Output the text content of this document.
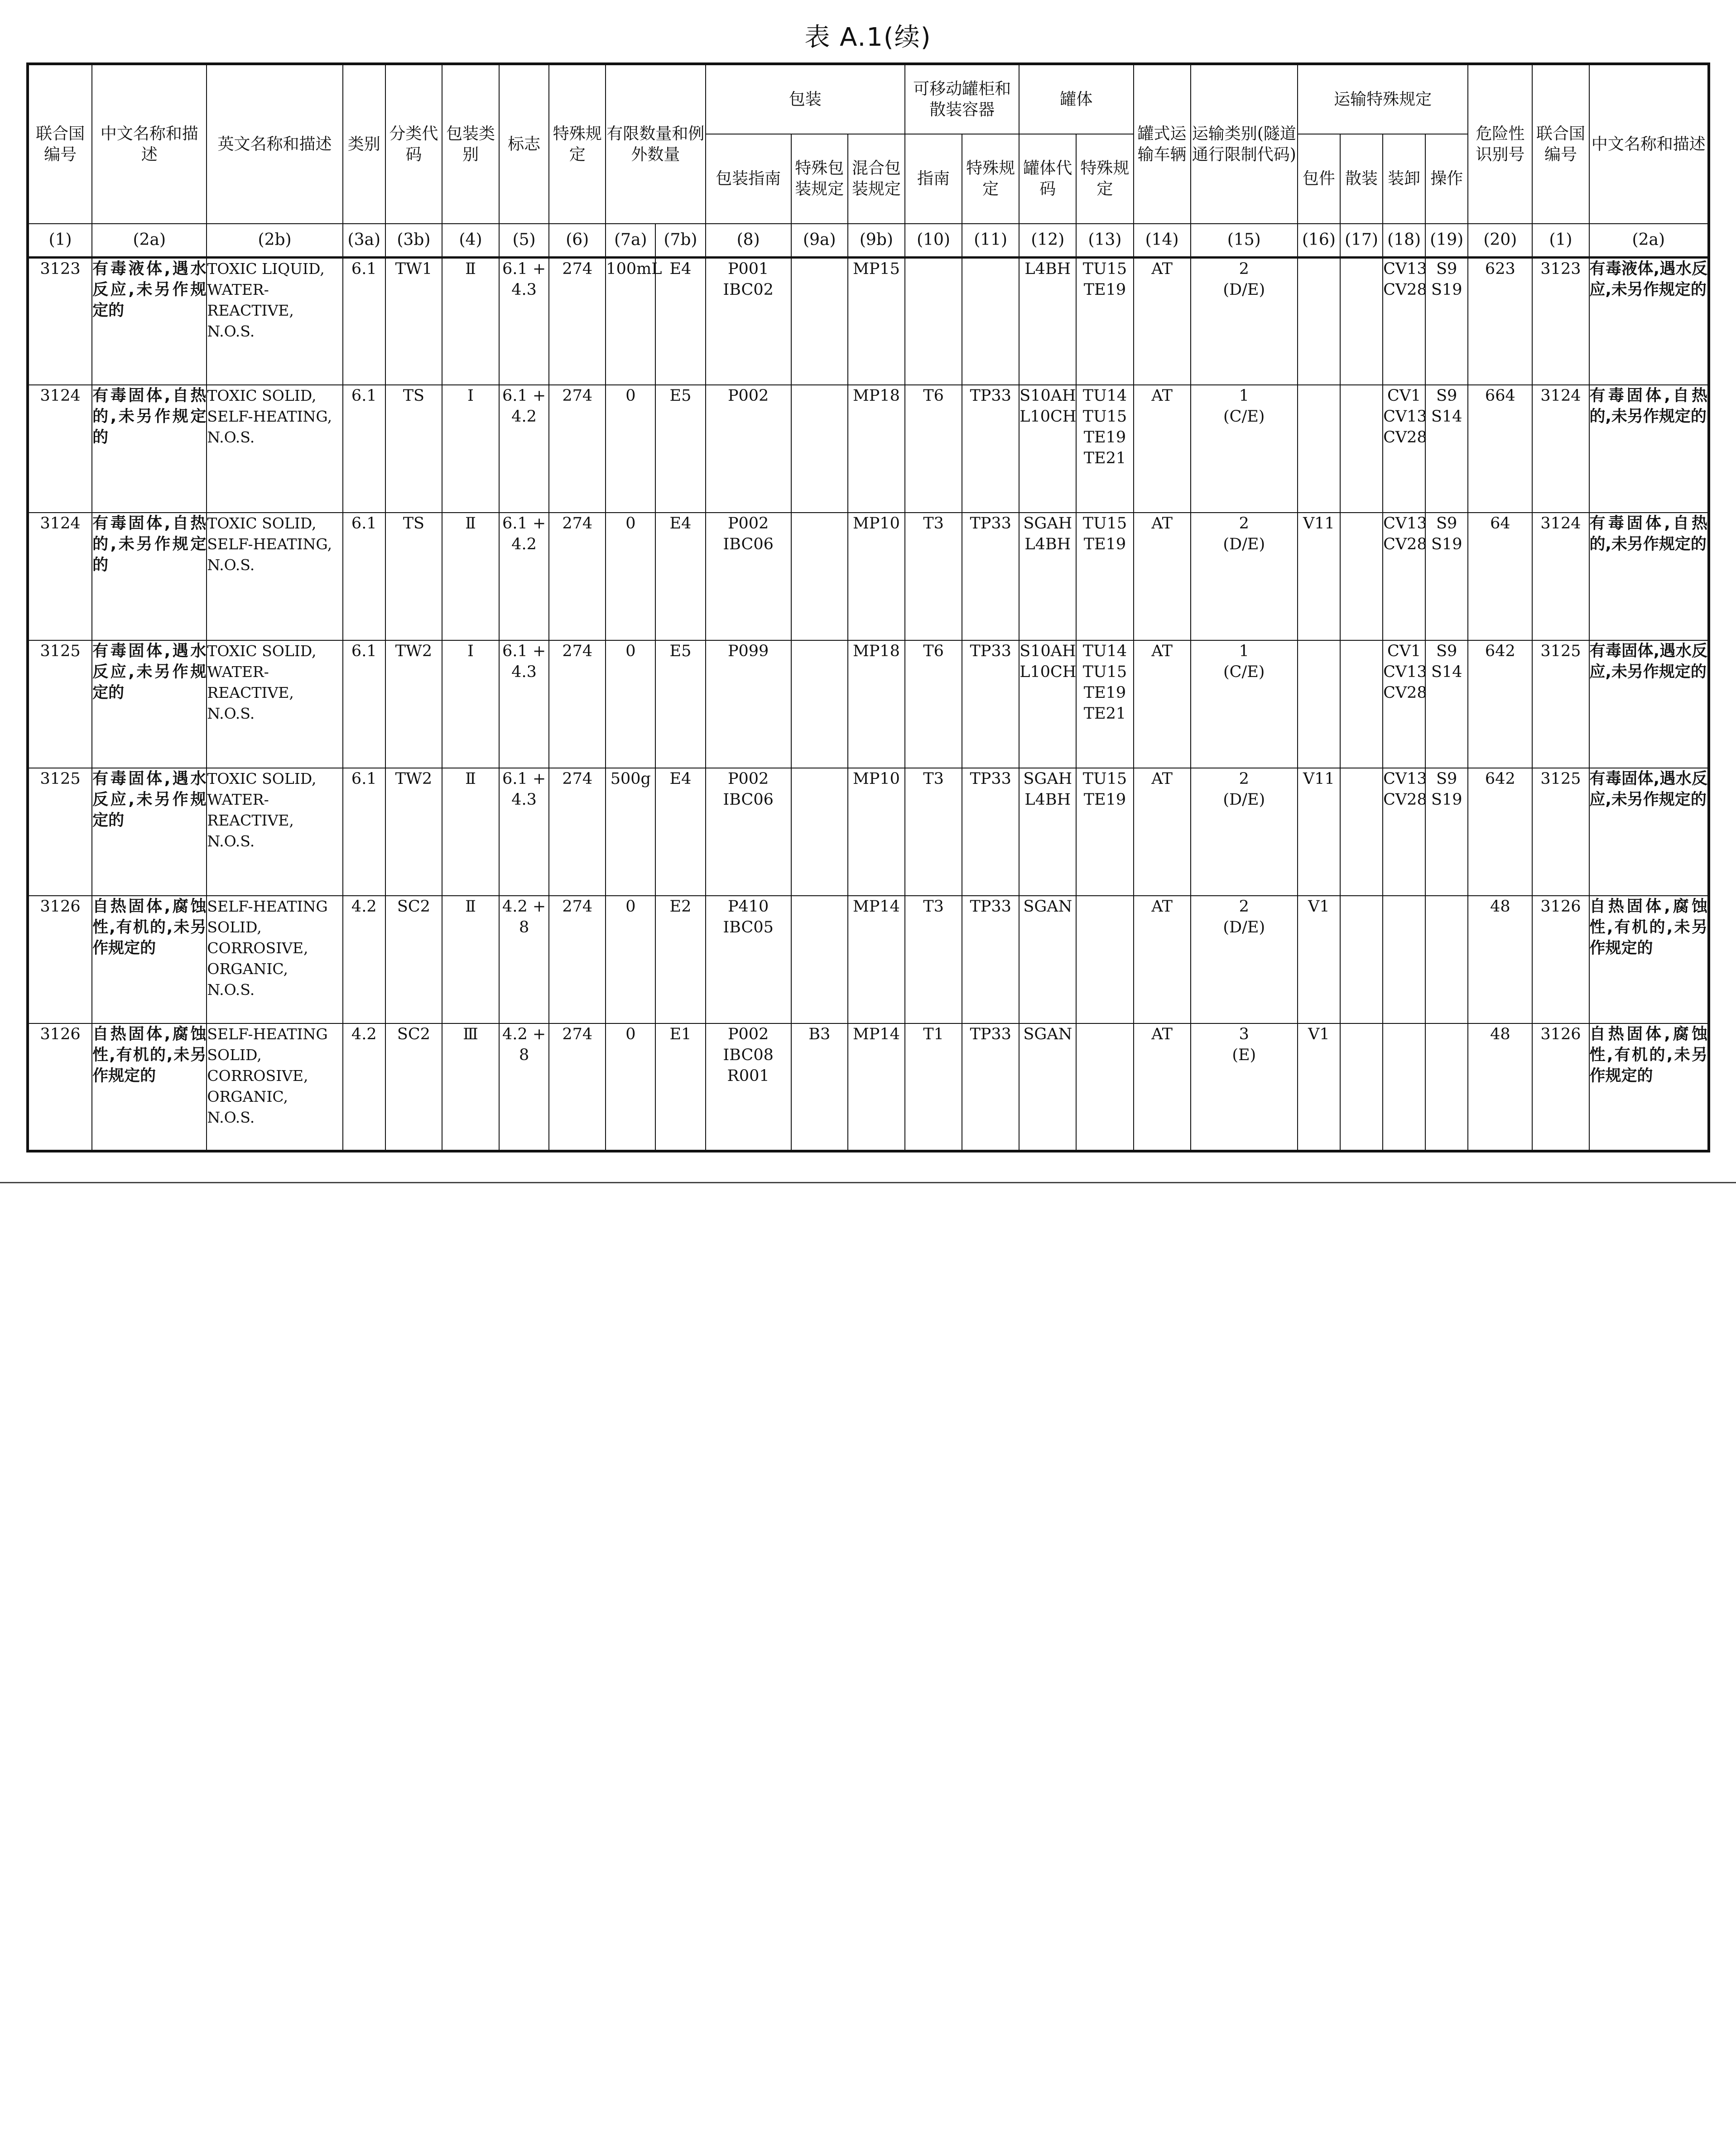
表 A.1(续)
联合国编号	中文名称和描述	英文名称和描述	类别	分类代码	包装类别	标志	特殊规定	有限数量和例外数量		包装			可移动罐柜和散装容器		罐体		罐式运输车辆	运输类别(隧道通行限制代码)	运输特殊规定				危险性识别号	联合国编号	中文名称和描述
										包装指南	特殊包装规定	混合包装规定	指南	特殊规定	罐体代码	特殊规定			包件	散装	装卸	操作			
(1)	(2a)	(2b)	(3a)	(3b)	(4)	(5)	(6)	(7a)	(7b)	(8)	(9a)	(9b)	(10)	(11)	(12)	(13)	(14)	(15)	(16)	(17)	(18)	(19)	(20)	(1)	(2a)
3123	有毒液体,遇水反应,未另作规定的	TOXIC LIQUID,
WATER-
REACTIVE,
N.O.S.	6.1	TW1	Ⅱ	6.1 +
4.3	274	100mL	E4	P001
IBC02		MP15			L4BH	TU15
TE19	AT	2
(D/E)			CV13
CV28	S9
S19	623	3123	有毒液体,遇水反应,未另作规定的
3124	有毒固体,自热的,未另作规定的	TOXIC SOLID,
SELF-HEATING,
N.O.S.	6.1	TS	Ⅰ	6.1 +
4.2	274	0	E5	P002		MP18	T6	TP33	S10AH
L10CH	TU14
TU15
TE19
TE21	AT	1
(C/E)			CV1
CV13
CV28	S9
S14	664	3124	有毒固体,自热的,未另作规定的
3124	有毒固体,自热的,未另作规定的	TOXIC SOLID,
SELF-HEATING,
N.O.S.	6.1	TS	Ⅱ	6.1 +
4.2	274	0	E4	P002
IBC06		MP10	T3	TP33	SGAH
L4BH	TU15
TE19	AT	2
(D/E)	V11		CV13
CV28	S9
S19	64	3124	有毒固体,自热的,未另作规定的
3125	有毒固体,遇水反应,未另作规定的	TOXIC SOLID,
WATER-
REACTIVE,
N.O.S.	6.1	TW2	Ⅰ	6.1 +
4.3	274	0	E5	P099		MP18	T6	TP33	S10AH
L10CH	TU14
TU15
TE19
TE21	AT	1
(C/E)			CV1
CV13
CV28	S9
S14	642	3125	有毒固体,遇水反应,未另作规定的
3125	有毒固体,遇水反应,未另作规定的	TOXIC SOLID,
WATER-
REACTIVE,
N.O.S.	6.1	TW2	Ⅱ	6.1 +
4.3	274	500g	E4	P002
IBC06		MP10	T3	TP33	SGAH
L4BH	TU15
TE19	AT	2
(D/E)	V11		CV13
CV28	S9
S19	642	3125	有毒固体,遇水反应,未另作规定的
3126	自热固体,腐蚀性,有机的,未另作规定的	SELF-HEATING
SOLID,
CORROSIVE,
ORGANIC,
N.O.S.	4.2	SC2	Ⅱ	4.2 +
8	274	0	E2	P410
IBC05		MP14	T3	TP33	SGAN		AT	2
(D/E)	V1				48	3126	自热固体,腐蚀性,有机的,未另作规定的
3126	自热固体,腐蚀性,有机的,未另作规定的	SELF-HEATING
SOLID,
CORROSIVE,
ORGANIC,
N.O.S.	4.2	SC2	Ⅲ	4.2 +
8	274	0	E1	P002
IBC08
R001	B3	MP14	T1	TP33	SGAN		AT	3
(E)	V1				48	3126	自热固体,腐蚀性,有机的,未另作规定的
